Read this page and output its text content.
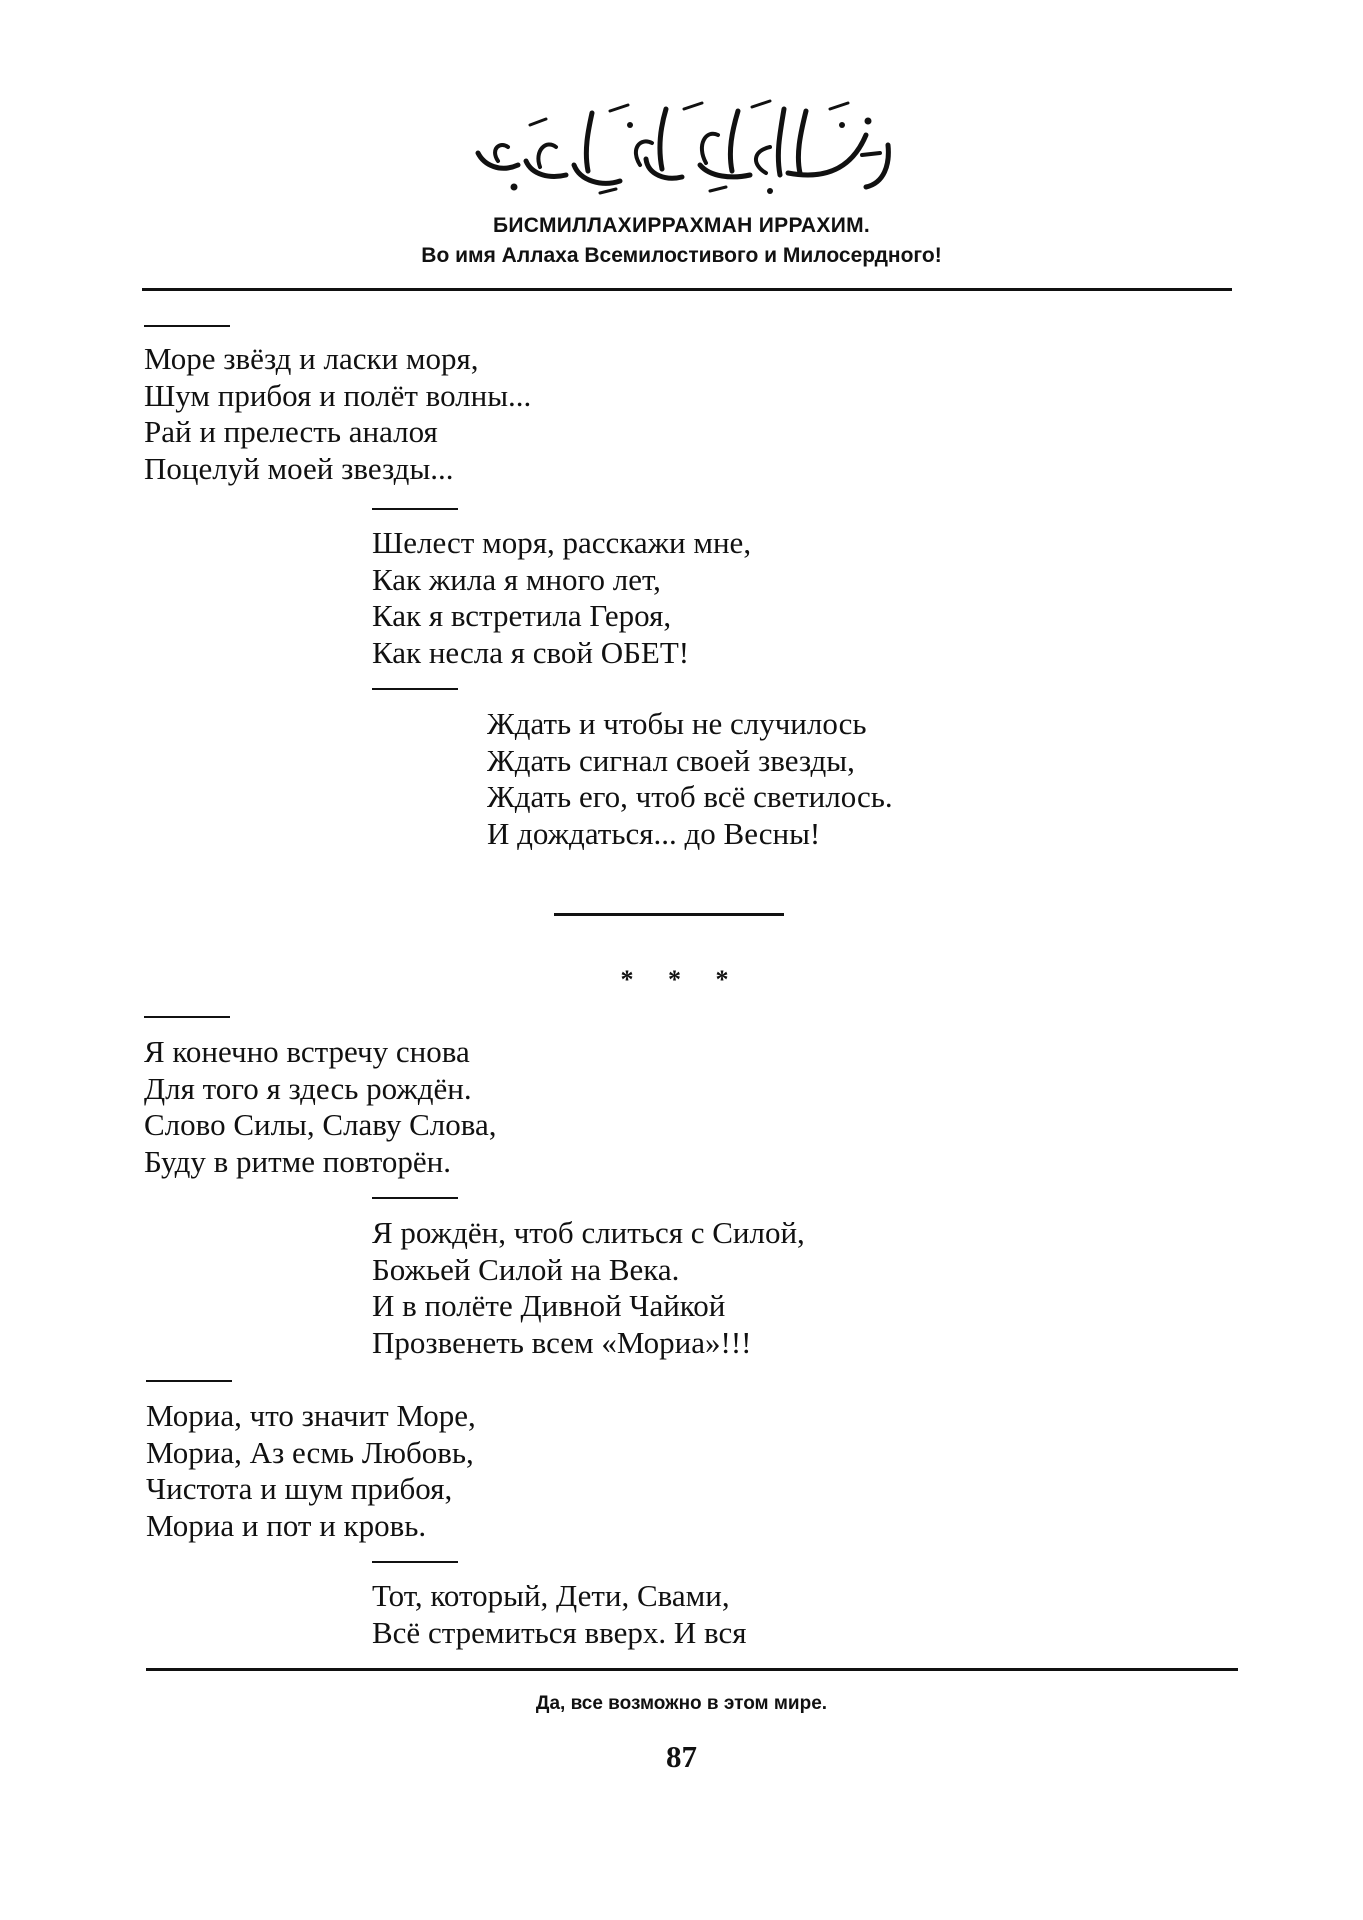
БИСМИЛЛАХИРРАХМАН ИРРАХИМ.
Во имя Аллаха Всемилостивого и Милосердного!
Море звёзд и ласки моря,
Шум прибоя и полёт волны...
Рай и прелесть аналоя
Поцелуй моей звезды...
Шелест моря, расскажи мне,
Как жила я много лет,
Как я встретила Героя,
Как несла я свой ОБЕТ!
Ждать и чтобы не случилось
Ждать сигнал своей звезды,
Ждать его, чтоб всё светилось.
И дождаться... до Весны!
* * *
Я конечно встречу снова
Для того я здесь рождён.
Слово Силы, Славу Слова,
Буду в ритме повторён.
Я рождён, чтоб слиться с Силой,
Божьей Силой на Века.
И в полёте Дивной Чайкой
Прозвенеть всем «Мориа»!!!
Мориа, что значит Море,
Мориа, Аз есмь Любовь,
Чистота и шум прибоя,
Мориа и пот и кровь.
Тот, который, Дети, Свами,
Всё стремиться вверх. И вся
Да, все возможно в этом мире.
87
